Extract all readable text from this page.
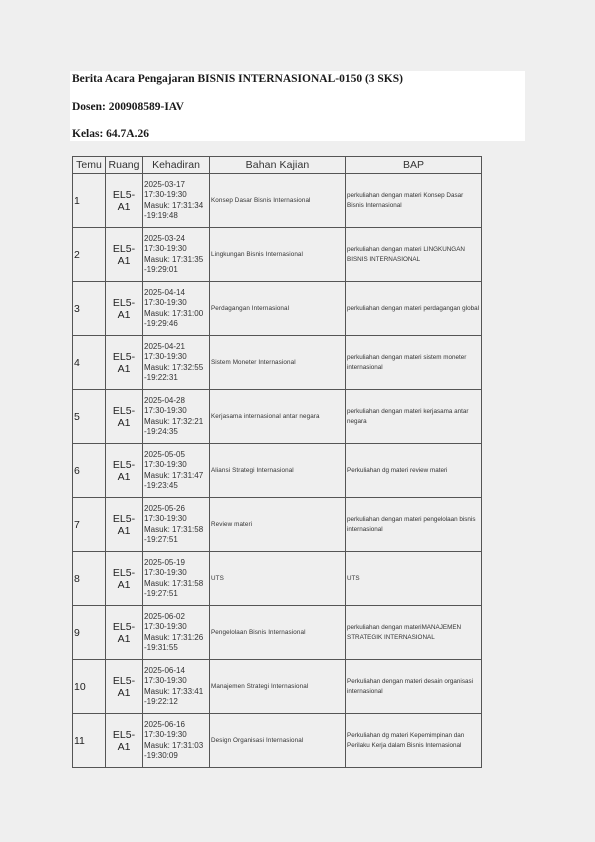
Berita Acara Pengajaran BISNIS INTERNASIONAL-0150 (3 SKS)
Dosen: 200908589-IAV
Kelas: 64.7A.26
Temu	Ruang	Kehadiran	Bahan Kajian	BAP
1	EL5-A1	2025-03-17
17:30-19:30
Masuk: 17:31:34
-19:19:48	Konsep Dasar Bisnis Internasional	perkuliahan dengan materi Konsep Dasar Bisnis Internasional
2	EL5-A1	2025-03-24
17:30-19:30
Masuk: 17:31:35
-19:29:01	Lingkungan Bisnis Internasional	perkuliahan dengan materi LINGKUNGAN BISNIS INTERNASIONAL
3	EL5-A1	2025-04-14
17:30-19:30
Masuk: 17:31:00
-19:29:46	Perdagangan Internasional	perkuliahan dengan materi perdagangan global
4	EL5-A1	2025-04-21
17:30-19:30
Masuk: 17:32:55
-19:22:31	Sistem Moneter Internasional	perkuliahan dengan materi sistem moneter internasional
5	EL5-A1	2025-04-28
17:30-19:30
Masuk: 17:32:21
-19:24:35	Kerjasama internasional antar negara	perkuliahan dengan materi kerjasama antar negara
6	EL5-A1	2025-05-05
17:30-19:30
Masuk: 17:31:47
-19:23:45	Aliansi Strategi Internasional	Perkuliahan dg materi review materi
7	EL5-A1	2025-05-26
17:30-19:30
Masuk: 17:31:58
-19:27:51	Review materi	perkuliahan dengan materi pengelolaan bisnis internasional
8	EL5-A1	2025-05-19
17:30-19:30
Masuk: 17:31:58
-19:27:51	UTS	UTS
9	EL5-A1	2025-06-02
17:30-19:30
Masuk: 17:31:26
-19:31:55	Pengelolaan Bisnis Internasional	perkuliahan dengan materiMANAJEMEN STRATEGIK INTERNASIONAL
10	EL5-A1	2025-06-14
17:30-19:30
Masuk: 17:33:41
-19:22:12	Manajemen Strategi Internasional	Perkuliahan dengan materi desain organisasi internasional
11	EL5-A1	2025-06-16
17:30-19:30
Masuk: 17:31:03
-19:30:09	Design Organisasi Internasional	Perkuliahan dg materi Kepemimpinan dan Perilaku Kerja dalam Bisnis Internasional
